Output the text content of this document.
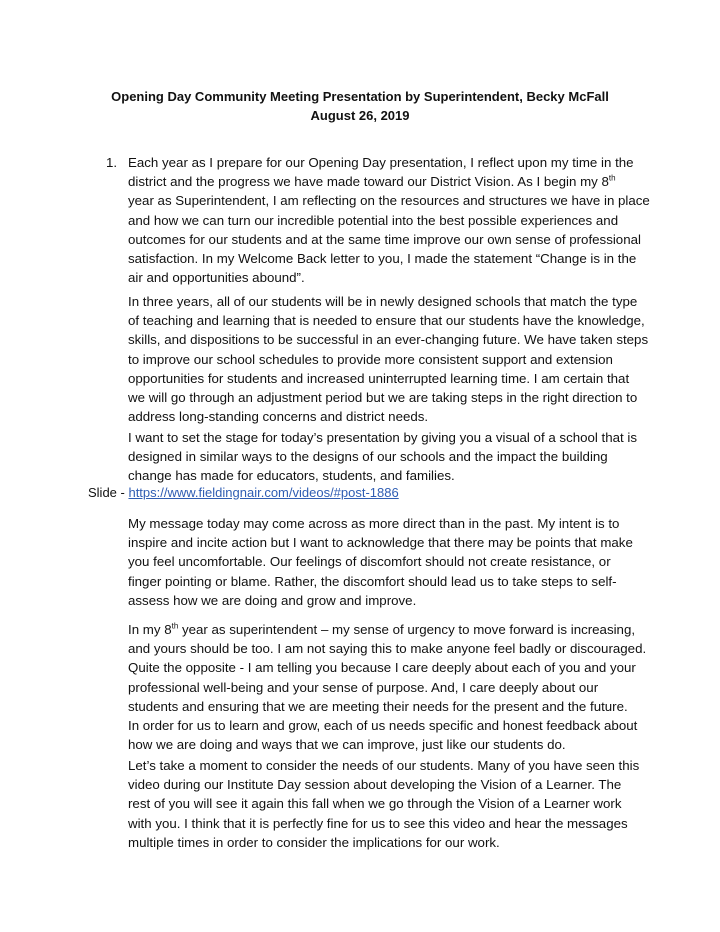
Opening Day Community Meeting Presentation by Superintendent, Becky McFall
August 26, 2019
1. Each year as I prepare for our Opening Day presentation, I reflect upon my time in the
district and the progress we have made toward our District Vision. As I begin my 8th
year as Superintendent, I am reflecting on the resources and structures we have in place
and how we can turn our incredible potential into the best possible experiences and
outcomes for our students and at the same time improve our own sense of professional
satisfaction. In my Welcome Back letter to you, I made the statement “Change is in the
air and opportunities abound”.
In three years, all of our students will be in newly designed schools that match the type
of teaching and learning that is needed to ensure that our students have the knowledge,
skills, and dispositions to be successful in an ever-changing future. We have taken steps
to improve our school schedules to provide more consistent support and extension
opportunities for students and increased uninterrupted learning time. I am certain that
we will go through an adjustment period but we are taking steps in the right direction to
address long-standing concerns and district needs.
I want to set the stage for today’s presentation by giving you a visual of a school that is
designed in similar ways to the designs of our schools and the impact the building
change has made for educators, students, and families.
Slide - https://www.fieldingnair.com/videos/#post-1886
My message today may come across as more direct than in the past. My intent is to
inspire and incite action but I want to acknowledge that there may be points that make
you feel uncomfortable. Our feelings of discomfort should not create resistance, or
finger pointing or blame. Rather, the discomfort should lead us to take steps to self-
assess how we are doing and grow and improve.
In my 8th year as superintendent – my sense of urgency to move forward is increasing,
and yours should be too. I am not saying this to make anyone feel badly or discouraged.
Quite the opposite - I am telling you because I care deeply about each of you and your
professional well-being and your sense of purpose. And, I care deeply about our
students and ensuring that we are meeting their needs for the present and the future.
In order for us to learn and grow, each of us needs specific and honest feedback about
how we are doing and ways that we can improve, just like our students do.
Let’s take a moment to consider the needs of our students. Many of you have seen this
video during our Institute Day session about developing the Vision of a Learner. The
rest of you will see it again this fall when we go through the Vision of a Learner work
with you. I think that it is perfectly fine for us to see this video and hear the messages
multiple times in order to consider the implications for our work.
